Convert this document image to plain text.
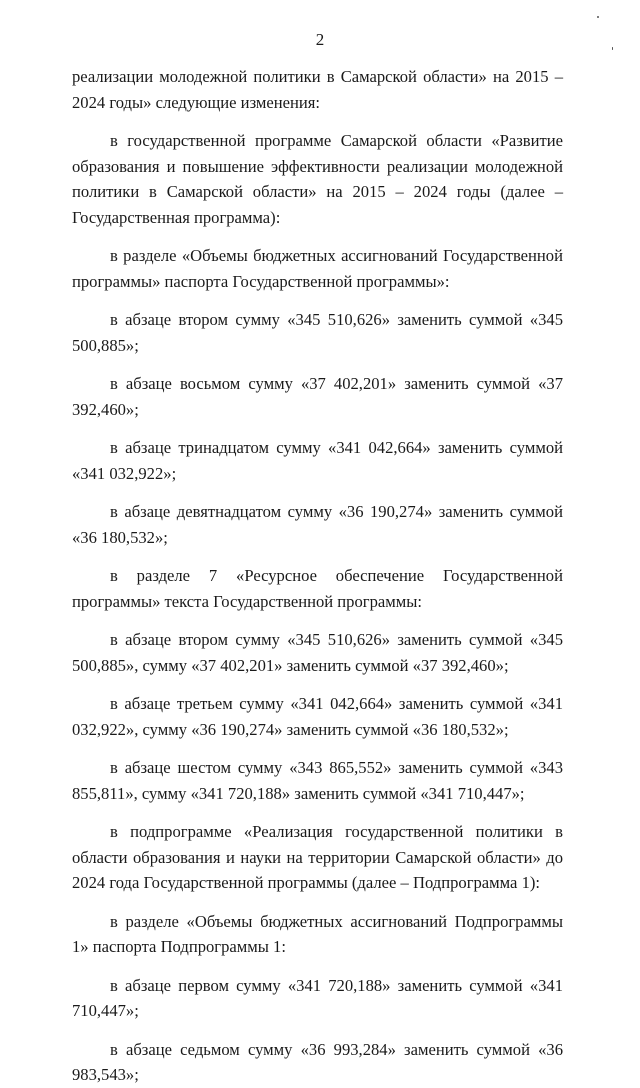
2

реализации молодежной политики в Самарской области» на 2015 – 2024 годы» следующие изменения:

в государственной программе Самарской области «Развитие образования и повышение эффективности реализации молодежной политики в Самарской области» на 2015 – 2024 годы (далее – Государственная программа):

в разделе «Объемы бюджетных ассигнований Государственной программы» паспорта Государственной программы»:

в абзаце втором сумму «345 510,626» заменить суммой «345 500,885»;

в абзаце восьмом сумму «37 402,201» заменить суммой «37 392,460»;

в абзаце тринадцатом сумму «341 042,664» заменить суммой «341 032,922»;

в абзаце девятнадцатом сумму «36 190,274» заменить суммой «36 180,532»;

в разделе 7 «Ресурсное обеспечение Государственной программы» текста Государственной программы:

в абзаце втором сумму «345 510,626» заменить суммой «345 500,885», сумму «37 402,201» заменить суммой «37 392,460»;

в абзаце третьем сумму «341 042,664» заменить суммой «341 032,922», сумму «36 190,274» заменить суммой «36 180,532»;

в абзаце шестом сумму «343 865,552» заменить суммой «343 855,811», сумму «341 720,188» заменить суммой «341 710,447»;

в подпрограмме «Реализация государственной политики в области образования и науки на территории Самарской области» до 2024 года Государственной программы (далее – Подпрограмма 1):

в разделе «Объемы бюджетных ассигнований Подпрограммы 1» паспорта Подпрограммы 1:

в абзаце первом сумму «341 720,188» заменить суммой «341 710,447»;

в абзаце седьмом сумму «36 993,284» заменить суммой «36 983,543»;
